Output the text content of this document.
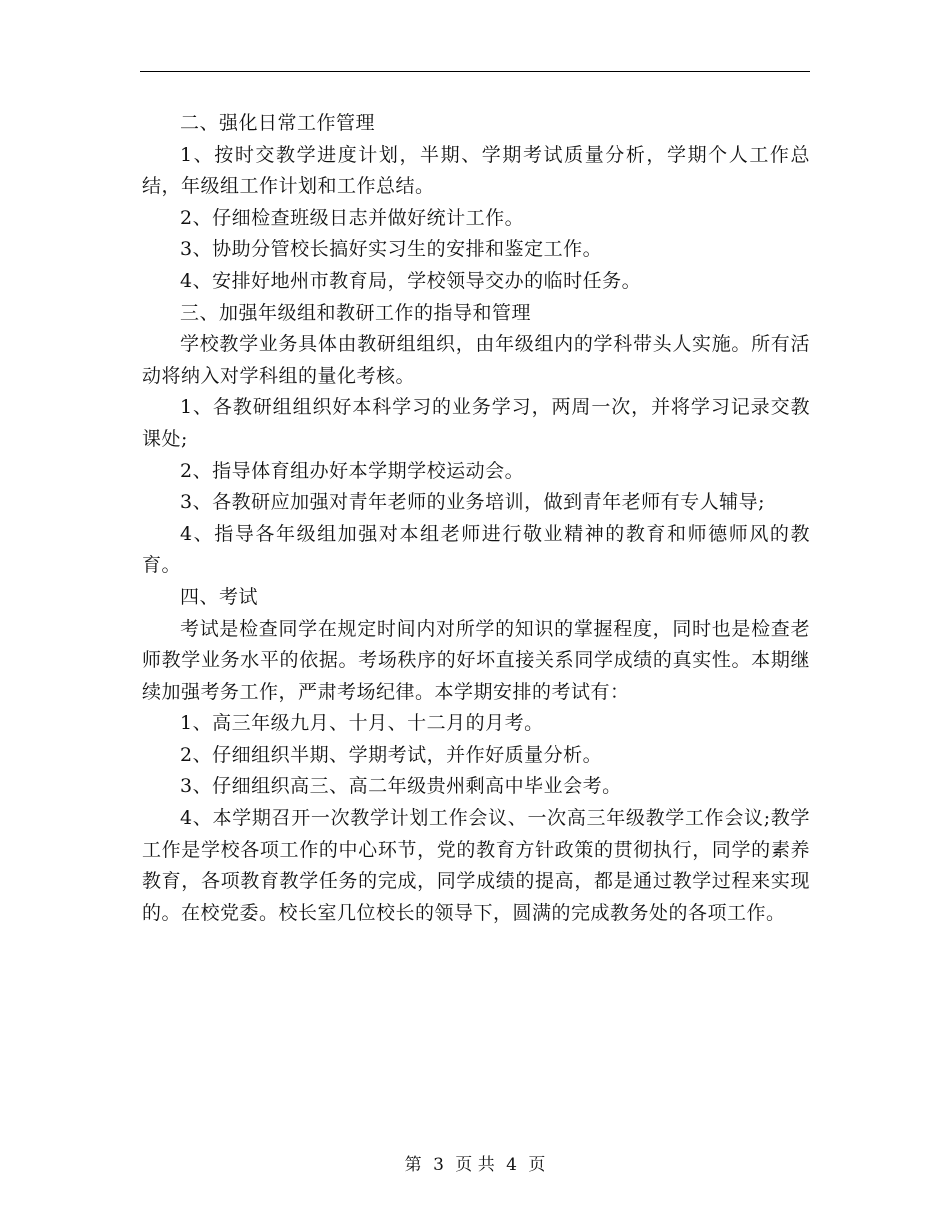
二、强化日常工作管理

1、按时交教学进度计划，半期、学期考试质量分析，学期个人工作总结，年级组工作计划和工作总结。

2、仔细检查班级日志并做好统计工作。

3、协助分管校长搞好实习生的安排和鉴定工作。

4、安排好地州市教育局，学校领导交办的临时任务。

三、加强年级组和教研工作的指导和管理

学校教学业务具体由教研组组织，由年级组内的学科带头人实施。所有活动将纳入对学科组的量化考核。

1、各教研组组织好本科学习的业务学习，两周一次，并将学习记录交教课处;

2、指导体育组办好本学期学校运动会。

3、各教研应加强对青年老师的业务培训，做到青年老师有专人辅导;

4、指导各年级组加强对本组老师进行敬业精神的教育和师德师风的教育。

四、考试

考试是检查同学在规定时间内对所学的知识的掌握程度，同时也是检查老师教学业务水平的依据。考场秩序的好坏直接关系同学成绩的真实性。本期继续加强考务工作，严肃考场纪律。本学期安排的考试有：

1、高三年级九月、十月、十二月的月考。

2、仔细组织半期、学期考试，并作好质量分析。

3、仔细组织高三、高二年级贵州剩高中毕业会考。

4、本学期召开一次教学计划工作会议、一次高三年级教学工作会议;教学工作是学校各项工作的中心环节，党的教育方针政策的贯彻执行，同学的素养教育，各项教育教学任务的完成，同学成绩的提高，都是通过教学过程来实现的。在校党委。校长室几位校长的领导下，圆满的完成教务处的各项工作。

第 3 页 共 4 页
